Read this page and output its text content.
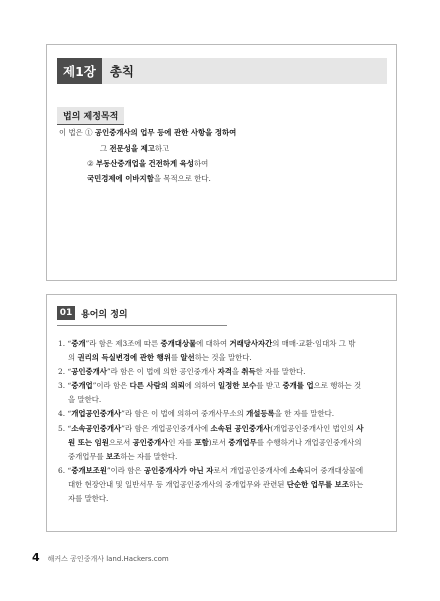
제1장	총칙
법의 제정목적
이 법은 ① 공인중개사의 업무 등에 관한 사항을 정하여
그 전문성을 제고하고
② 부동산중개업을 건전하게 육성하여
국민경제에 이바지함을 목적으로 한다.
01 용어의 정의
1. “중개”라 함은 제3조에 따른 중개대상물에 대하여 거래당사자간의 매매·교환·임대차 그 밖
의 권리의 득실변경에 관한 행위를 알선하는 것을 말한다.
2. “공인중개사”라 함은 이 법에 의한 공인중개사 자격을 취득한 자를 말한다.
3. “중개업”이라 함은 다른 사람의 의뢰에 의하여 일정한 보수를 받고 중개를 업으로 행하는 것
을 말한다.
4. “개업공인중개사”라 함은 이 법에 의하여 중개사무소의 개설등록을 한 자를 말한다.
5. “소속공인중개사”라 함은 개업공인중개사에 소속된 공인중개사(개업공인중개사인 법인의 사
원 또는 임원으로서 공인중개사인 자를 포함)로서 중개업무를 수행하거나 개업공인중개사의
중개업무를 보조하는 자를 말한다.
6. “중개보조원”이라 함은 공인중개사가 아닌 자로서 개업공인중개사에 소속되어 중개대상물에
대한 현장안내 및 일반서무 등 개업공인중개사의 중개업무와 관련된 단순한 업무를 보조하는
자를 말한다.
4 해커스 공인중개사 land.Hackers.com
